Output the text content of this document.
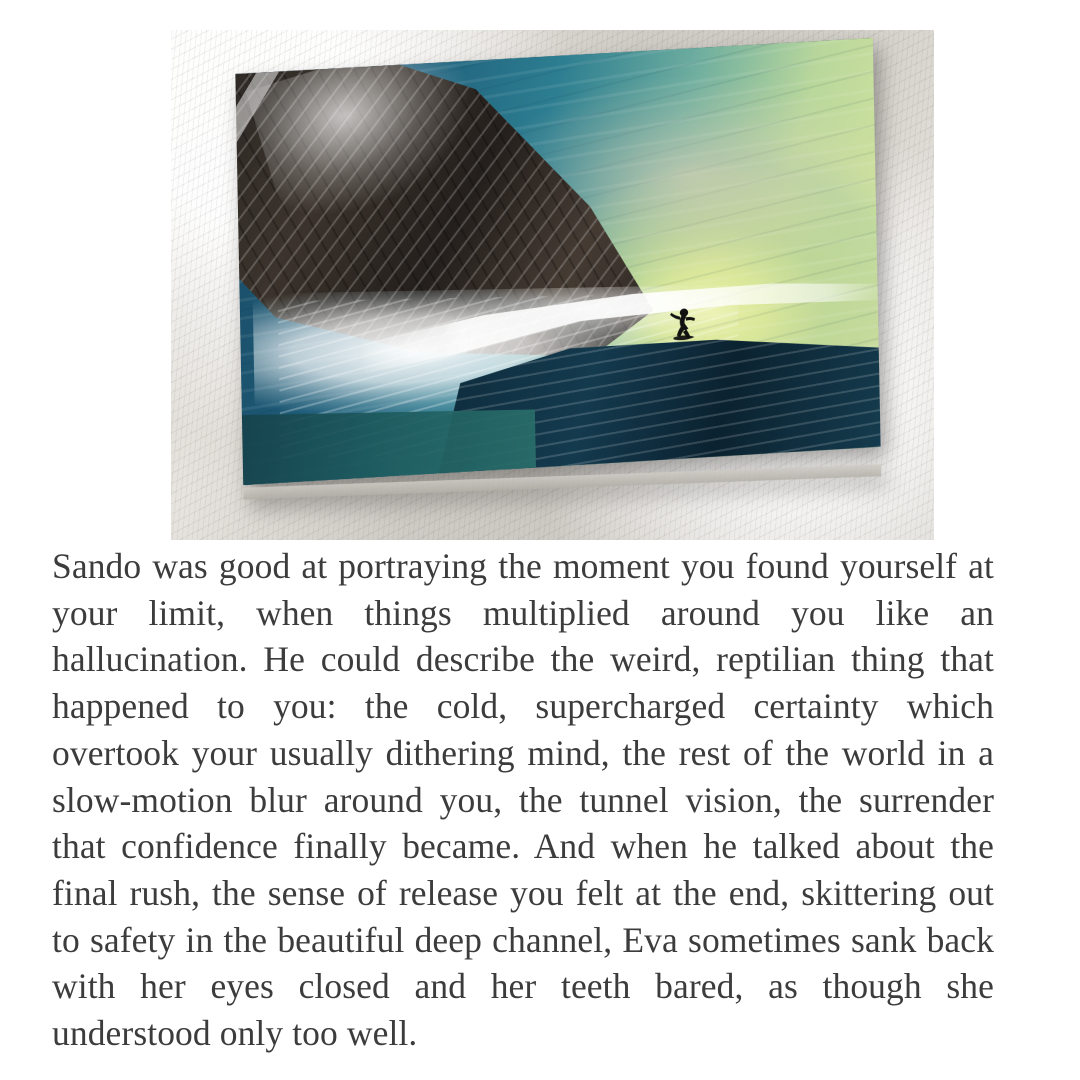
Sando was good at portraying the moment you found yourself at your limit, when things multiplied around you like an hallucination. He could describe the weird, reptilian thing that happened to you: the cold, supercharged certainty which overtook your usually dithering mind, the rest of the world in a slow-motion blur around you, the tunnel vision, the surrender that confidence finally became. And when he talked about the final rush, the sense of release you felt at the end, skittering out to safety in the beautiful deep channel, Eva sometimes sank back with her eyes closed and her teeth bared, as though she understood only too well.
